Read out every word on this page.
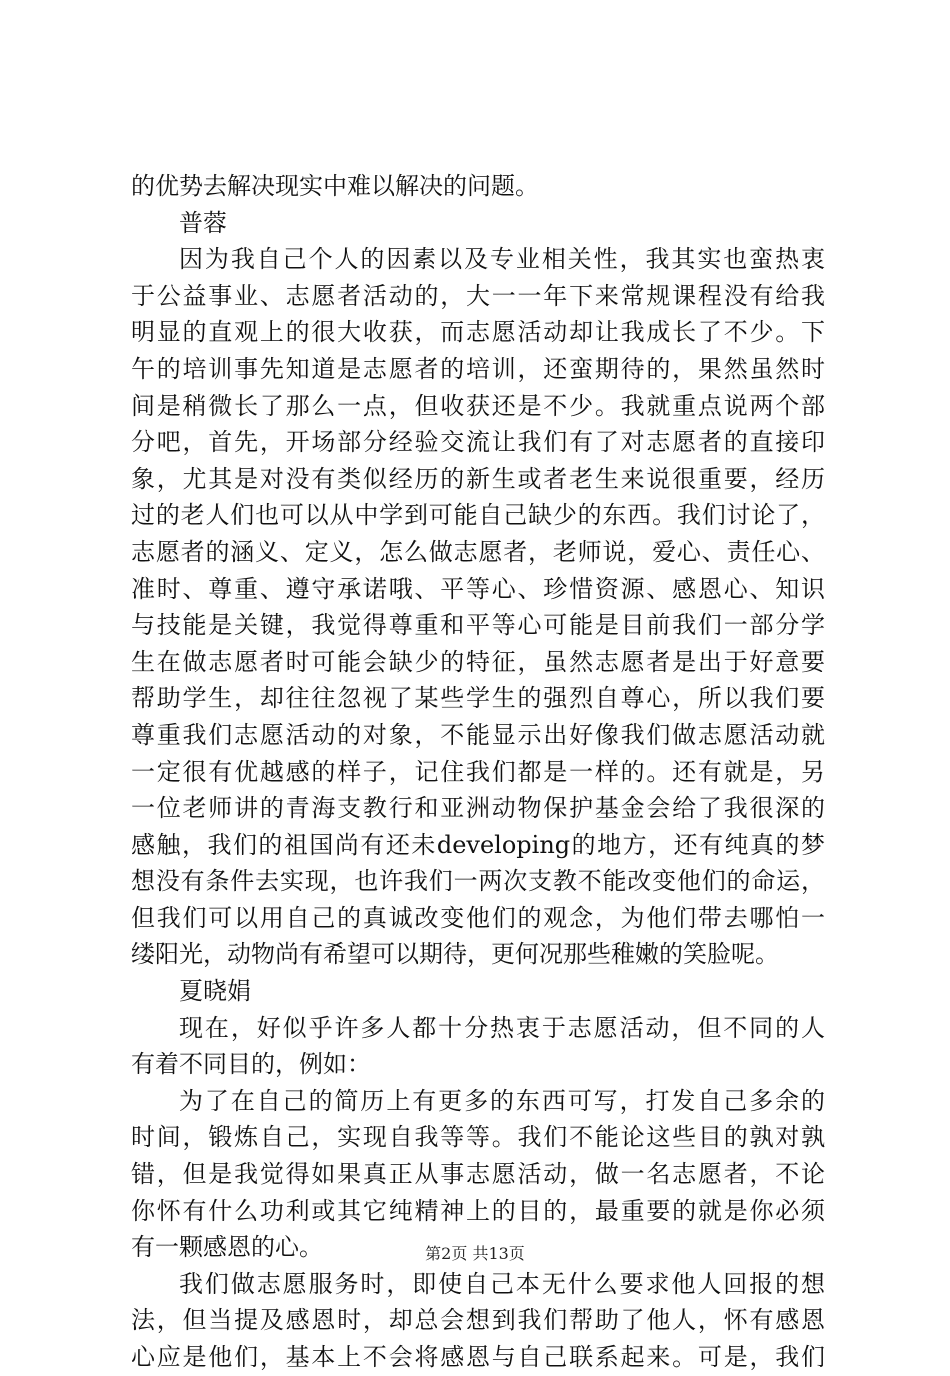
的优势去解决现实中难以解决的问题。
普蓉
因为我自己个人的因素以及专业相关性，我其实也蛮热衷
于公益事业、志愿者活动的，大一一年下来常规课程没有给我
明显的直观上的很大收获，而志愿活动却让我成长了不少。下
午的培训事先知道是志愿者的培训，还蛮期待的，果然虽然时
间是稍微长了那么一点，但收获还是不少。我就重点说两个部
分吧，首先，开场部分经验交流让我们有了对志愿者的直接印
象，尤其是对没有类似经历的新生或者老生来说很重要，经历
过的老人们也可以从中学到可能自己缺少的东西。我们讨论了，
志愿者的涵义、定义，怎么做志愿者，老师说，爱心、责任心、
准时、尊重、遵守承诺哦、平等心、珍惜资源、感恩心、知识
与技能是关键，我觉得尊重和平等心可能是目前我们一部分学
生在做志愿者时可能会缺少的特征，虽然志愿者是出于好意要
帮助学生，却往往忽视了某些学生的强烈自尊心，所以我们要
尊重我们志愿活动的对象，不能显示出好像我们做志愿活动就
一定很有优越感的样子，记住我们都是一样的。还有就是，另
一位老师讲的青海支教行和亚洲动物保护基金会给了我很深的
感触，我们的祖国尚有还未developing的地方，还有纯真的梦
想没有条件去实现，也许我们一两次支教不能改变他们的命运，
但我们可以用自己的真诚改变他们的观念，为他们带去哪怕一
缕阳光，动物尚有希望可以期待，更何况那些稚嫩的笑脸呢。
夏晓娟
现在，好似乎许多人都十分热衷于志愿活动，但不同的人
有着不同目的，例如：
为了在自己的简历上有更多的东西可写，打发自己多余的
时间，锻炼自己，实现自我等等。我们不能论这些目的孰对孰
错，但是我觉得如果真正从事志愿活动，做一名志愿者，不论
你怀有什么功利或其它纯精神上的目的，最重要的就是你必须
有一颗感恩的心。
我们做志愿服务时，即使自己本无什么要求他人回报的想
法，但当提及感恩时，却总会想到我们帮助了他人，怀有感恩
心应是他们，基本上不会将感恩与自己联系起来。可是，我们
第2页 共13页
